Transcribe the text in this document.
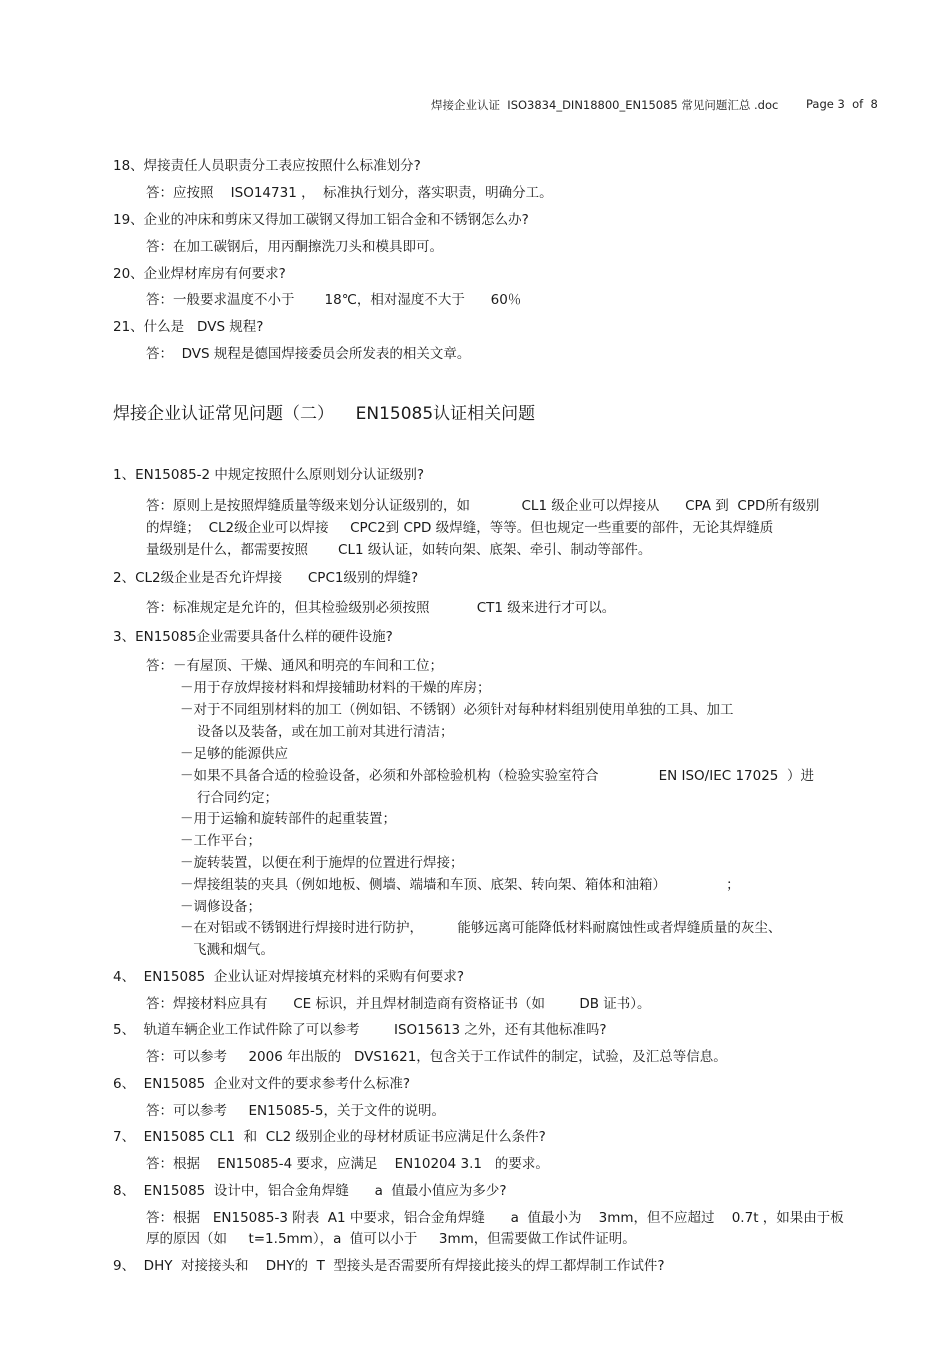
焊接企业认证  ISO3834_DIN18800_EN15085 常见问题汇总 .doc Page 3  of  8
18、焊接责任人员职责分工表应按照什么标准划分?
答：应按照    ISO14731 ，  标准执行划分，落实职责，明确分工。
19、企业的冲床和剪床又得加工碳钢又得加工铝合金和不锈钢怎么办?
答：在加工碳钢后，用丙酮擦洗刀头和模具即可。
20、企业焊材库房有何要求?
答：一般要求温度不小于       18℃，相对湿度不大于      60％
21、什么是   DVS 规程?
答：  DVS 规程是德国焊接委员会所发表的相关文章。
焊接企业认证常见问题（二）    EN15085认证相关问题
1、EN15085-2 中规定按照什么原则划分认证级别?
答：原则上是按照焊缝质量等级来划分认证级别的，如            CL1 级企业可以焊接从      CPA 到  CPD所有级别
的焊缝；  CL2级企业可以焊接     CPC2到 CPD 级焊缝，等等。但也规定一些重要的部件，无论其焊缝质
量级别是什么，都需要按照       CL1 级认证，如转向架、底架、牵引、制动等部件。
2、CL2级企业是否允许焊接      CPC1级别的焊缝?
答：标准规定是允许的，但其检验级别必须按照           CT1 级来进行才可以。
3、EN15085企业需要具备什么样的硬件设施?
答：－有屋顶、干燥、通风和明亮的车间和工位；
－用于存放焊接材料和焊接辅助材料的干燥的库房；
－对于不同组别材料的加工（例如铝、不锈钢）必须针对每种材料组别使用单独的工具、加工
设备以及装备，或在加工前对其进行清洁；
－足够的能源供应
－如果不具备合适的检验设备，必须和外部检验机构（检验实验室符合              EN ISO/IEC 17025  ）进
行合同约定；
－用于运输和旋转部件的起重装置；
－工作平台；
－旋转装置，以便在利于施焊的位置进行焊接；
－焊接组装的夹具（例如地板、侧墙、端墙和车顶、底架、转向架、箱体和油箱）              ；
－调修设备；
－在对铝或不锈钢进行焊接时进行防护，        能够远离可能降低材料耐腐蚀性或者焊缝质量的灰尘、
飞溅和烟气。
4、  EN15085  企业认证对焊接填充材料的采购有何要求?
答：焊接材料应具有      CE 标识，并且焊材制造商有资格证书（如        DB 证书）。
5、  轨道车辆企业工作试件除了可以参考        ISO15613 之外，还有其他标准吗?
答：可以参考     2006 年出版的   DVS1621，包含关于工作试件的制定，试验，及汇总等信息。
6、  EN15085  企业对文件的要求参考什么标准?
答：可以参考     EN15085-5，关于文件的说明。
7、  EN15085 CL1  和  CL2 级别企业的母材材质证书应满足什么条件?
答：根据    EN15085-4 要求，应满足    EN10204 3.1   的要求。
8、  EN15085  设计中，铝合金角焊缝      a  值最小值应为多少?
答：根据   EN15085-3 附表  A1 中要求，铝合金角焊缝      a  值最小为    3mm，但不应超过    0.7t ，如果由于板
厚的原因（如     t=1.5mm），a  值可以小于     3mm，但需要做工作试件证明。
9、  DHY  对接接头和    DHY的  T  型接头是否需要所有焊接此接头的焊工都焊制工作试件?
